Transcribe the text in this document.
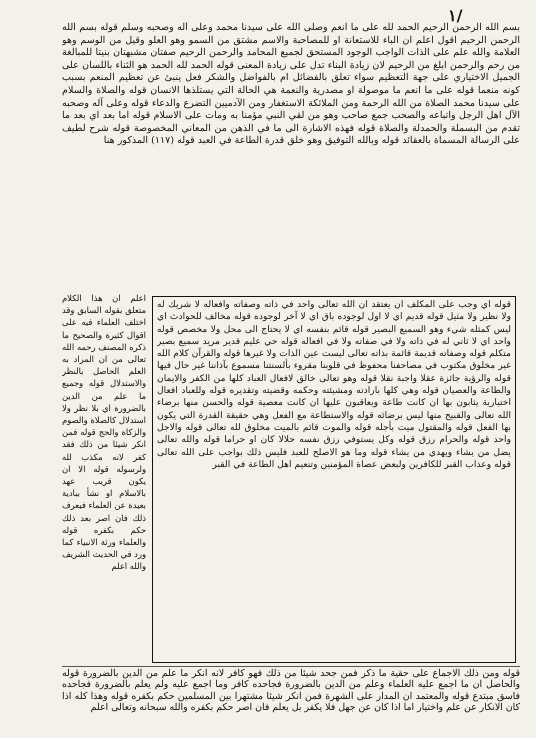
١/
بسم الله الرحمن الرحيم الحمد لله على ما انعم وصلى الله على سيدنا محمد وعلى آله وصحبه وسلم قوله بسم الله الرحمن الرحيم اقول اعلم ان الباء للاستعانة او للمصاحبة والاسم مشتق من السمو وهو العلو وقيل من الوسم وهو العلامة والله علم على الذات الواجب الوجود المستحق لجميع المحامد والرحمن الرحيم صفتان مشبهتان بنيتا للمبالغة من رحم والرحمن ابلغ من الرحيم لان زيادة البناء تدل على زيادة المعنى قوله الحمد لله الحمد هو الثناء باللسان على الجميل الاختياري على جهة التعظيم سواء تعلق بالفضائل ام بالفواضل والشكر فعل ينبئ عن تعظيم المنعم بسبب كونه منعما قوله على ما انعم ما موصولة او مصدرية والنعمة هي الحالة التي يستلذها الانسان قوله والصلاة والسلام على سيدنا محمد الصلاة من الله الرحمة ومن الملائكة الاستغفار ومن الآدميين التضرع والدعاء قوله وعلى آله وصحبه الآل اهل الرجل واتباعه والصحب جمع صاحب وهو من لقي النبي مؤمنا به ومات على الاسلام قوله اما بعد اي بعد ما تقدم من البسملة والحمدلة والصلاة قوله فهذه الاشارة الى ما في الذهن من المعاني المخصوصة قوله شرح لطيف على الرسالة المسماة بالعقائد قوله وبالله التوفيق وهو خلق قدرة الطاعة في العبد قوله (١١٧) المذكور هنا
اعلم ان هذا الكلام متعلق بقوله السابق وقد اختلف العلماء فيه على اقوال كثيرة والصحيح ما ذكره المصنف رحمه الله تعالى من ان المراد به العلم الحاصل بالنظر والاستدلال قوله وجميع ما علم من الدين بالضرورة اي بلا نظر ولا استدلال كالصلاة والصوم والزكاة والحج قوله فمن انكر شيئا من ذلك فقد كفر لانه مكذب لله ولرسوله قوله الا ان يكون قريب عهد بالاسلام او نشأ ببادية بعيدة عن العلماء فيعرف ذلك فان اصر بعد ذلك حكم بكفره قوله والعلماء ورثة الانبياء كما ورد في الحديث الشريف والله اعلم
قوله اي وجب على المكلف ان يعتقد ان الله تعالى واحد في ذاته وصفاته وافعاله لا شريك له ولا نظير ولا مثيل قوله قديم اي لا اول لوجوده باق اي لا آخر لوجوده قوله مخالف للحوادث اي ليس كمثله شيء وهو السميع البصير قوله قائم بنفسه اي لا يحتاج الى محل ولا مخصص قوله واحد اي لا ثاني له في ذاته ولا في صفاته ولا في افعاله قوله حي عليم قدير مريد سميع بصير متكلم قوله وصفاته قديمة قائمة بذاته تعالى ليست عين الذات ولا غيرها قوله والقرآن كلام الله غير مخلوق مكتوب في مصاحفنا محفوظ في قلوبنا مقروء بألسنتنا مسموع بآذاننا غير حال فيها قوله والرؤية جائزة عقلا واجبة نقلا قوله وهو تعالى خالق لافعال العباد كلها من الكفر والايمان والطاعة والعصيان قوله وهي كلها بارادته ومشيئته وحكمه وقضيته وتقديره قوله وللعباد افعال اختيارية يثابون بها ان كانت طاعة ويعاقبون عليها ان كانت معصية قوله والحسن منها برضاء الله تعالى والقبيح منها ليس برضائه قوله والاستطاعة مع الفعل وهي حقيقة القدرة التي يكون بها الفعل قوله والمقتول ميت بأجله قوله والموت قائم بالميت مخلوق لله تعالى قوله والاجل واحد قوله والحرام رزق قوله وكل يستوفي رزق نفسه حلالا كان او حراما قوله والله تعالى يضل من يشاء ويهدي من يشاء قوله وما هو الاصلح للعبد فليس ذلك بواجب على الله تعالى قوله وعذاب القبر للكافرين ولبعض عصاة المؤمنين وتنعيم اهل الطاعة في القبر
قوله ومن ذلك الاجماع على حقية ما ذكر فمن جحد شيئا من ذلك فهو كافر لانه انكر ما علم من الدين بالضرورة قوله والحاصل ان ما اجمع عليه العلماء وعلم من الدين بالضرورة فجاحده كافر وما اجمع عليه ولم يعلم بالضرورة فجاحده فاسق مبتدع قوله والمعتمد ان المدار على الشهرة فمن انكر شيئا مشتهرا بين المسلمين حكم بكفره قوله وهذا كله اذا كان الانكار عن علم واختيار اما اذا كان عن جهل فلا يكفر بل يعلم فان اصر حكم بكفره والله سبحانه وتعالى اعلم
